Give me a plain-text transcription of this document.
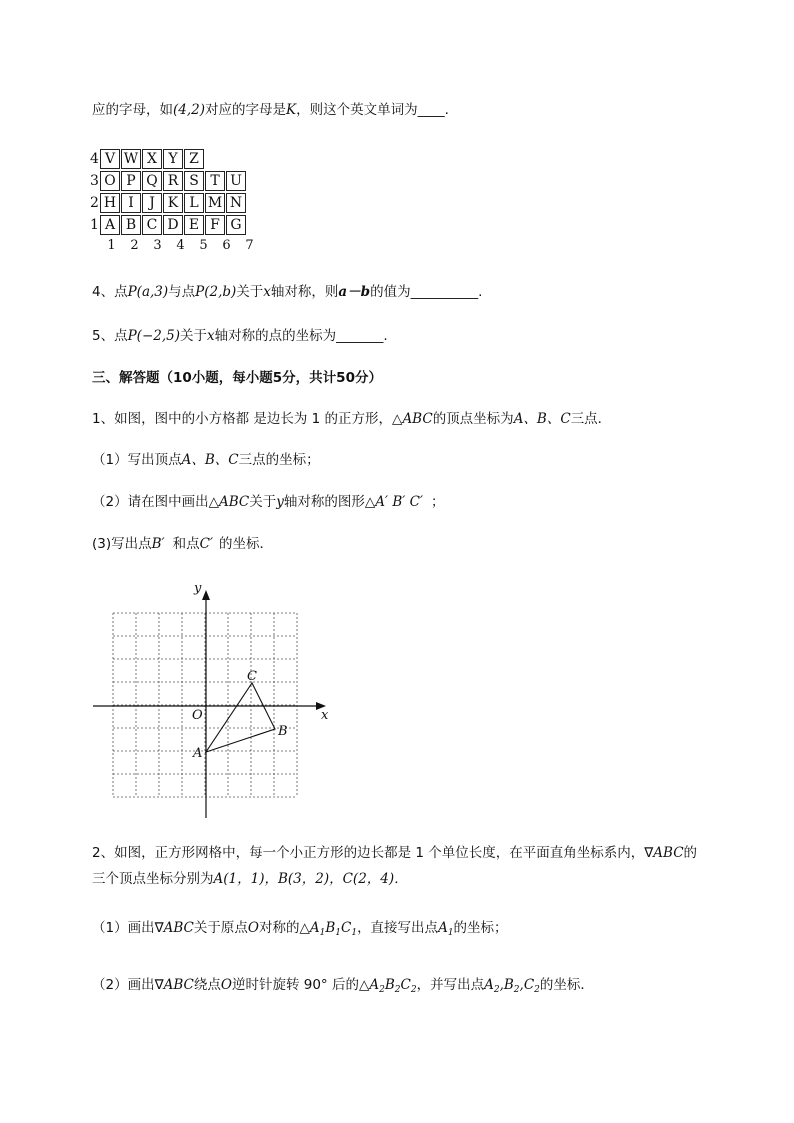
应的字母，如(4,2)对应的字母是K，则这个英文单词为____.
4 V W X Y Z
3 O P Q R S T U
2 H I	J K L M N
1 A B C D E F G
1	2	3	4	5	6	7
4、点P(a,3)与点P(2,b)关于x轴对称，则a－b的值为__________.
5、点P(−2,5)关于x轴对称的点的坐标为_______.
三、解答题（10小题，每小题5分，共计50分）
1、如图，图中的小方格都 是边长为 1 的正方形，△ABC的顶点坐标为A、B、C三点．
（1）写出顶点A、B、C三点的坐标；
（2）请在图中画出△ABC关于y轴对称的图形△A′ B′ C′ ；
(3)写出点B′ 和点C′ 的坐标．
x
y
O
A
B
C
2、如图，正方形网格中，每一个小正方形的边长都是 1 个单位长度，在平面直角坐标系内，∇ABC的
三个顶点坐标分别为A(1，1)，B(3，2)，C(2，4)．
（1）画出∇ABC关于原点O对称的$\triangle A_1B_1C_1$，直接写出点$A_1$的坐标；
（2）画出∇ABC绕点O逆时针旋转 90° 后的$\triangle A_2B_2C_2$，并写出点$A_2,B_2,C_2$的坐标．
